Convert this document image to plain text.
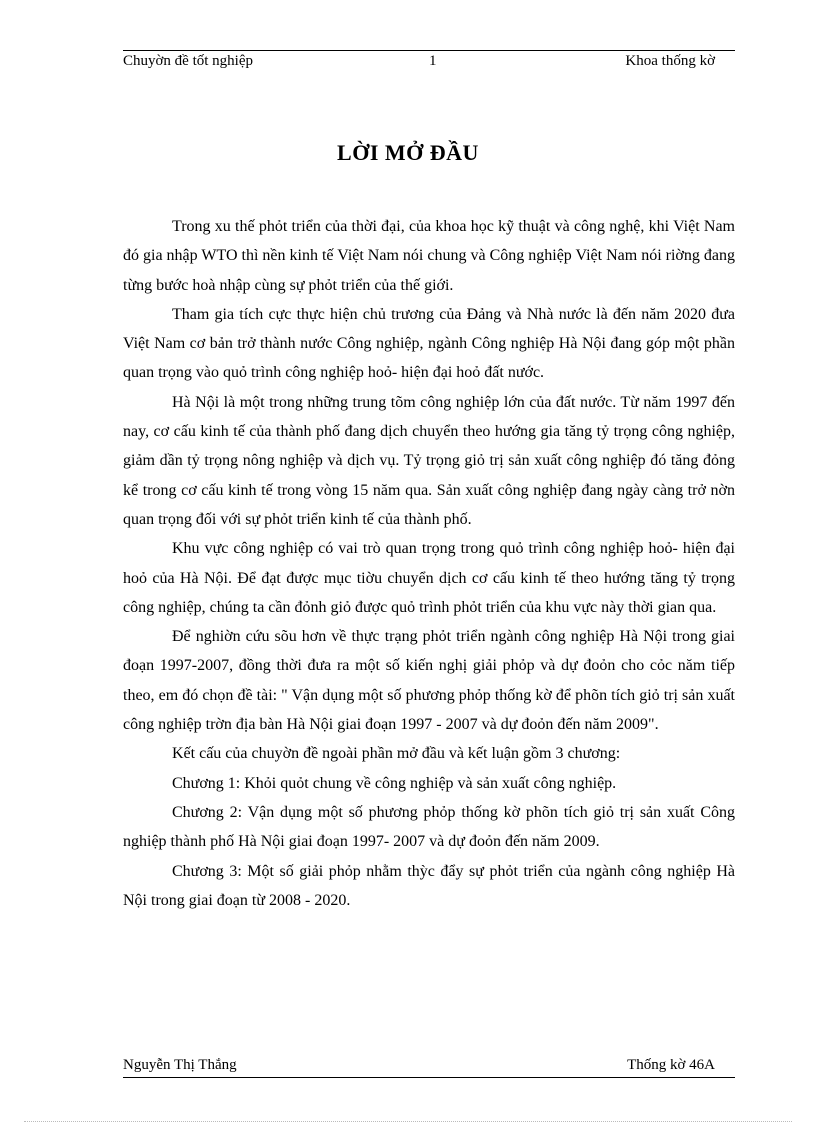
Chuyờn đề tốt nghiệp	1	Khoa thống kờ
LỜI MỞ ĐẦU

Trong xu thế phỏt triển của thời đại, của khoa học kỹ thuật và công nghệ, khi Việt Nam đó gia nhập WTO thì nền kinh tế Việt Nam nói chung và Công nghiệp Việt Nam nói riờng đang từng bước hoà nhập cùng sự phỏt triển của thế giới.

Tham gia tích cực thực hiện chủ trương của Đảng và Nhà nước là đến năm 2020 đưa Việt Nam cơ bản trở thành nước Công nghiệp, ngành Công nghiệp Hà Nội đang góp một phần quan trọng vào quỏ trình công nghiệp hoỏ- hiện đại hoỏ đất nước.

Hà Nội là một trong những trung tõm công nghiệp lớn của đất nước. Từ năm 1997 đến nay, cơ cấu kinh tế của thành phố đang dịch chuyển theo hướng gia tăng tỷ trọng công nghiệp, giảm dần tỷ trọng nông nghiệp và dịch vụ. Tỷ trọng giỏ trị sản xuất công nghiệp đó tăng đỏng kể trong cơ cấu kinh tế trong vòng 15 năm qua. Sản xuất công nghiệp đang ngày càng trở nờn quan trọng đối với sự phỏt triển kinh tế của thành phố.

Khu vực công nghiệp có vai trò quan trọng trong quỏ trình công nghiệp hoỏ- hiện đại hoỏ của Hà Nội. Để đạt được mục tiờu chuyển dịch cơ cấu kinh tế theo hướng tăng tỷ trọng công nghiệp, chúng ta cần đỏnh giỏ được quỏ trình phỏt triển của khu vực này thời gian qua.

Để nghiờn cứu sõu hơn về thực trạng phỏt triển ngành công nghiệp Hà Nội trong giai đoạn 1997-2007, đồng thời đưa ra một số kiến nghị giải phỏp và dự đoỏn cho cỏc năm tiếp theo, em đó chọn đề tài: " Vận dụng một số phương phỏp thống kờ để phõn tích giỏ trị sản xuất công nghiệp trờn địa bàn Hà Nội giai đoạn 1997 - 2007 và dự đoỏn đến năm 2009".

Kết cấu của chuyờn đề ngoài phần mở đầu và kết luận gồm 3 chương:

Chương 1: Khỏi quỏt chung về công nghiệp và sản xuất công nghiệp.

Chương 2: Vận dụng một số phương phỏp thống kờ phõn tích giỏ trị sản xuất Công nghiệp thành phố Hà Nội giai đoạn 1997- 2007 và dự đoỏn đến năm 2009.

Chương 3: Một số giải phỏp nhằm thỳc đẩy sự phỏt triển của ngành công nghiệp Hà Nội trong giai đoạn từ 2008 - 2020.

Nguyễn Thị Thắng	Thống kờ 46A
